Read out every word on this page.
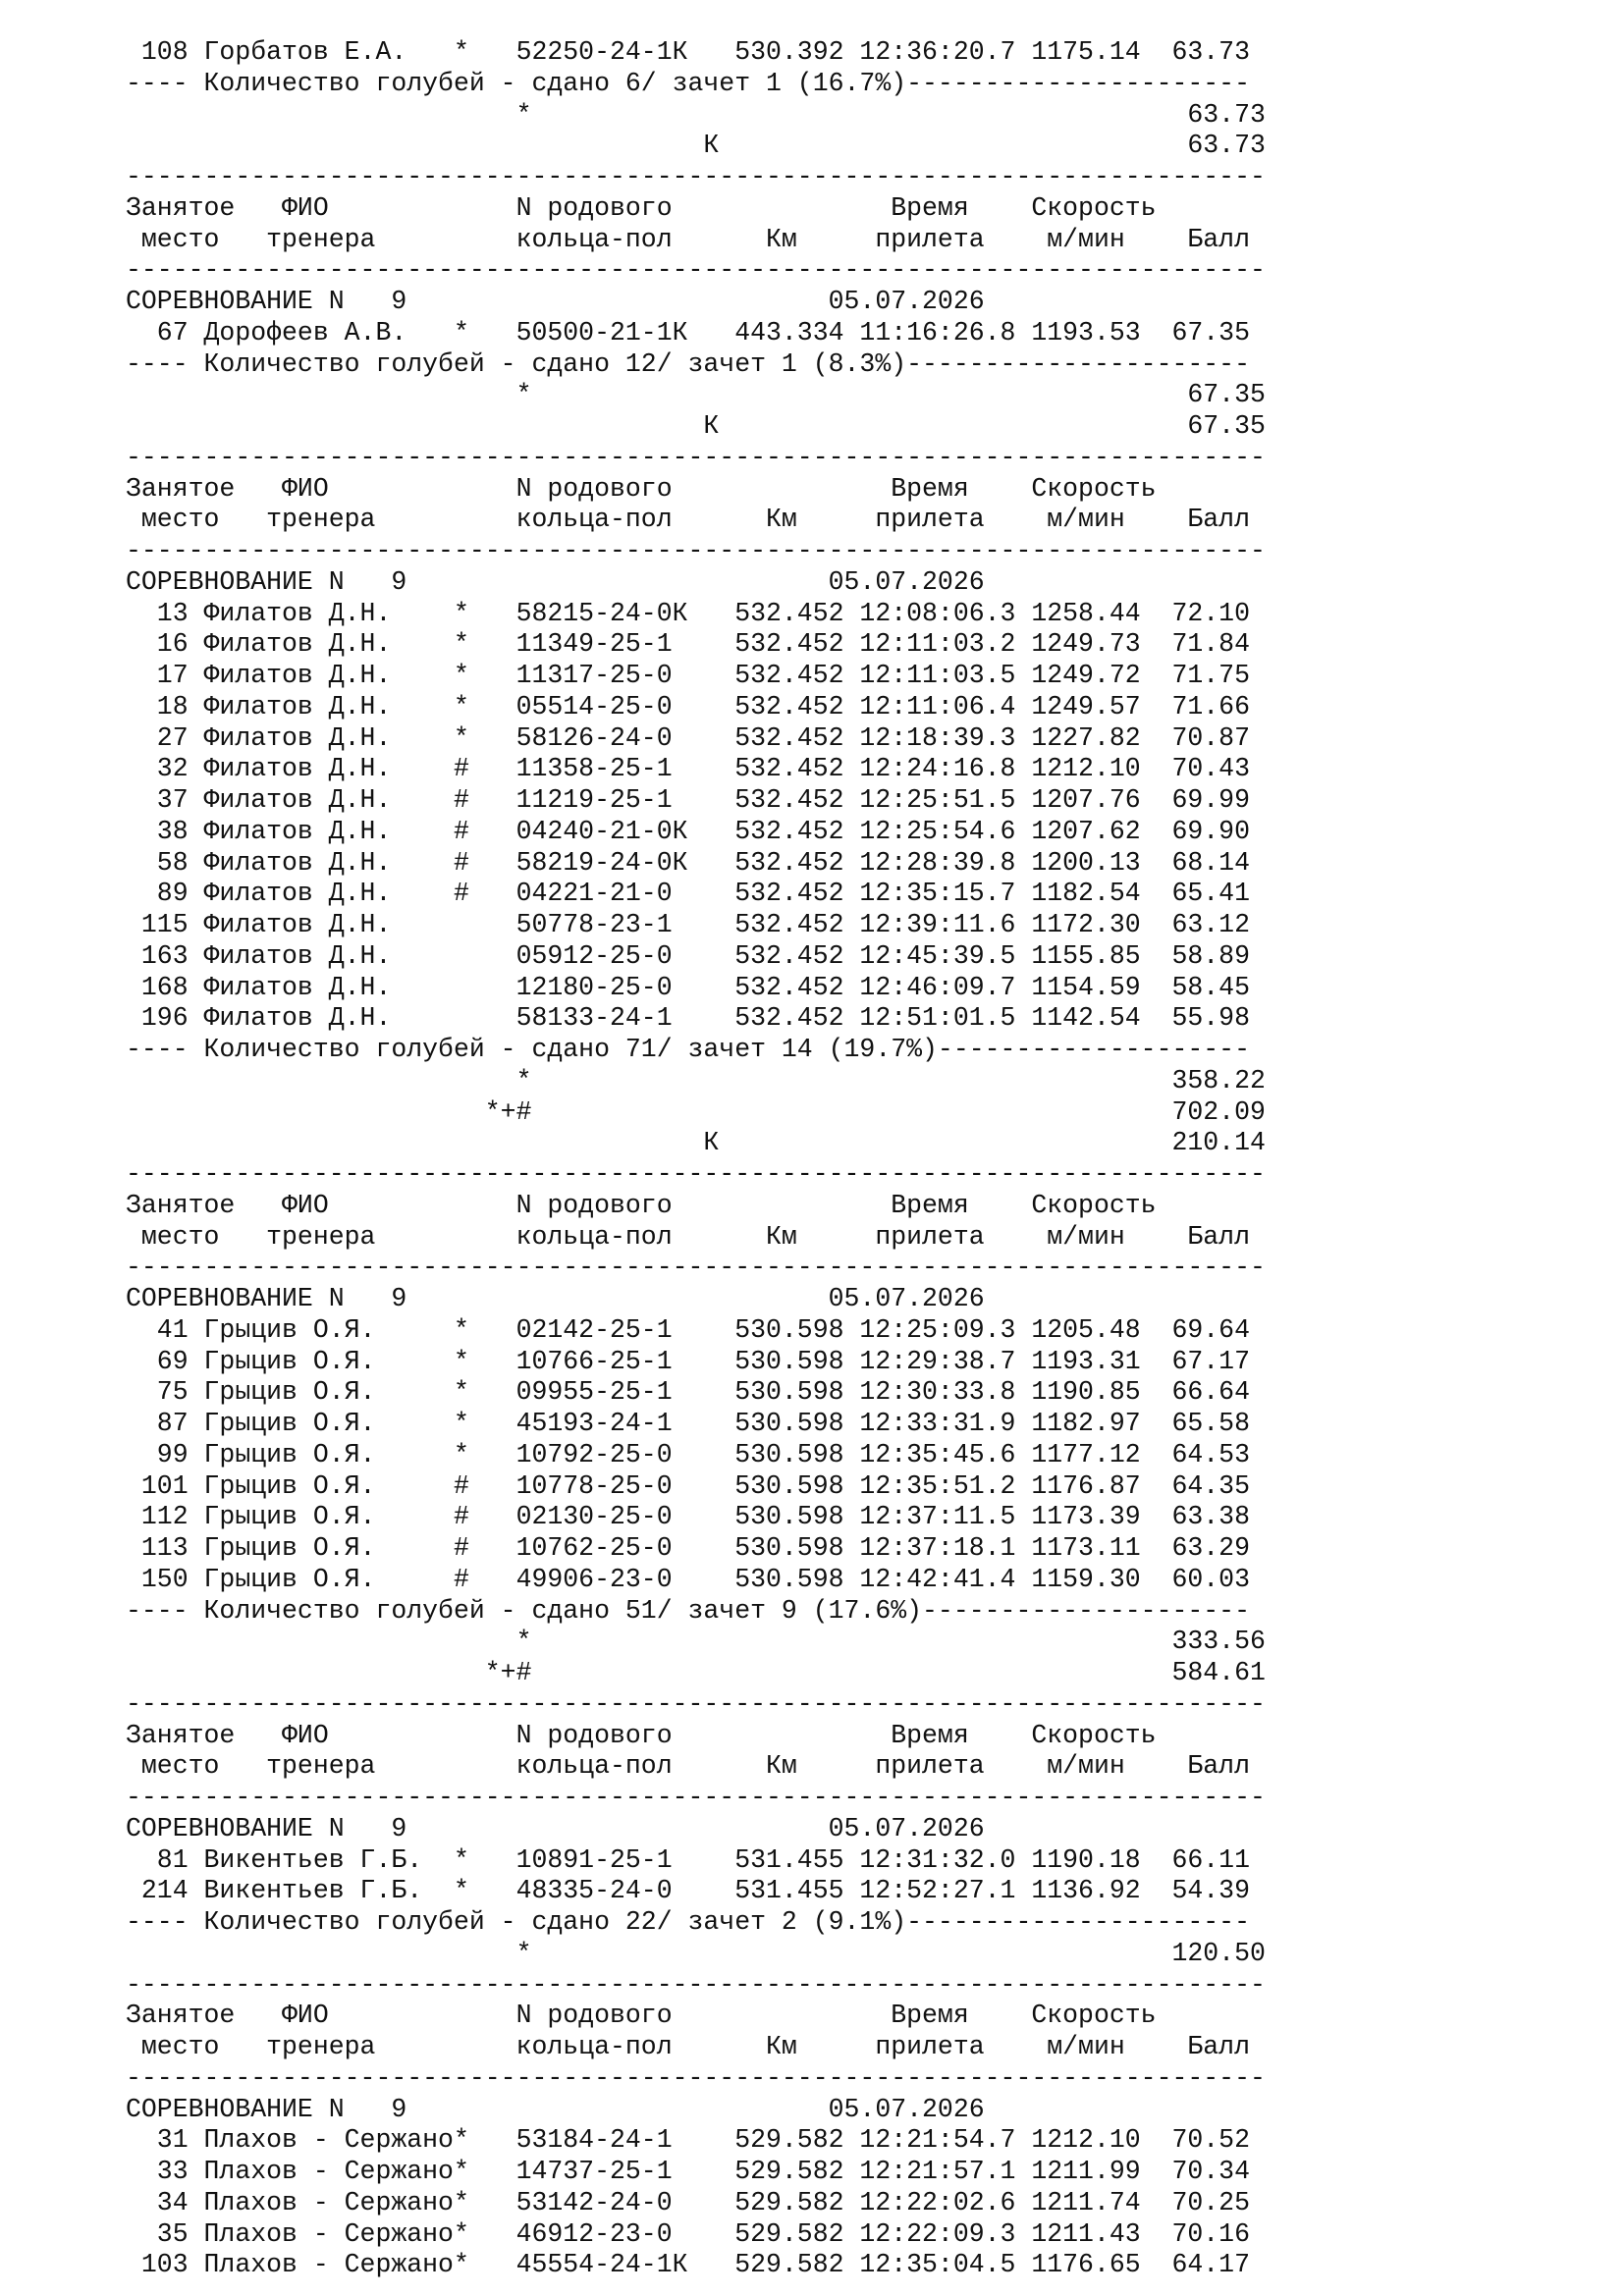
108 Горбатов Е.А.   *   52250-24-1К   530.392 12:36:20.7 1175.14  63.73
---- Количество голубей - сдано 6/ зачет 1 (16.7%)----------------------
*                                          63.73
К                              63.73
-------------------------------------------------------------------------
Занятое   ФИО            N родового              Время    Скорость
место   тренера         кольца-пол      Км     прилета    м/мин    Балл
-------------------------------------------------------------------------
СОРЕВНОВАНИЕ N   9                           05.07.2026
67 Дорофеев А.В.   *   50500-21-1К   443.334 11:16:26.8 1193.53  67.35
---- Количество голубей - сдано 12/ зачет 1 (8.3%)----------------------
*                                          67.35
К                              67.35
-------------------------------------------------------------------------
Занятое   ФИО            N родового              Время    Скорость
место   тренера         кольца-пол      Км     прилета    м/мин    Балл
-------------------------------------------------------------------------
СОРЕВНОВАНИЕ N   9                           05.07.2026
13 Филатов Д.Н.    *   58215-24-0К   532.452 12:08:06.3 1258.44  72.10
16 Филатов Д.Н.    *   11349-25-1    532.452 12:11:03.2 1249.73  71.84
17 Филатов Д.Н.    *   11317-25-0    532.452 12:11:03.5 1249.72  71.75
18 Филатов Д.Н.    *   05514-25-0    532.452 12:11:06.4 1249.57  71.66
27 Филатов Д.Н.    *   58126-24-0    532.452 12:18:39.3 1227.82  70.87
32 Филатов Д.Н.    #   11358-25-1    532.452 12:24:16.8 1212.10  70.43
37 Филатов Д.Н.    #   11219-25-1    532.452 12:25:51.5 1207.76  69.99
38 Филатов Д.Н.    #   04240-21-0К   532.452 12:25:54.6 1207.62  69.90
58 Филатов Д.Н.    #   58219-24-0К   532.452 12:28:39.8 1200.13  68.14
89 Филатов Д.Н.    #   04221-21-0    532.452 12:35:15.7 1182.54  65.41
115 Филатов Д.Н.        50778-23-1    532.452 12:39:11.6 1172.30  63.12
163 Филатов Д.Н.        05912-25-0    532.452 12:45:39.5 1155.85  58.89
168 Филатов Д.Н.        12180-25-0    532.452 12:46:09.7 1154.59  58.45
196 Филатов Д.Н.        58133-24-1    532.452 12:51:01.5 1142.54  55.98
---- Количество голубей - сдано 71/ зачет 14 (19.7%)--------------------
*                                         358.22
*+#                                         702.09
К                             210.14
-------------------------------------------------------------------------
Занятое   ФИО            N родового              Время    Скорость
место   тренера         кольца-пол      Км     прилета    м/мин    Балл
-------------------------------------------------------------------------
СОРЕВНОВАНИЕ N   9                           05.07.2026
41 Грыцив О.Я.     *   02142-25-1    530.598 12:25:09.3 1205.48  69.64
69 Грыцив О.Я.     *   10766-25-1    530.598 12:29:38.7 1193.31  67.17
75 Грыцив О.Я.     *   09955-25-1    530.598 12:30:33.8 1190.85  66.64
87 Грыцив О.Я.     *   45193-24-1    530.598 12:33:31.9 1182.97  65.58
99 Грыцив О.Я.     *   10792-25-0    530.598 12:35:45.6 1177.12  64.53
101 Грыцив О.Я.     #   10778-25-0    530.598 12:35:51.2 1176.87  64.35
112 Грыцив О.Я.     #   02130-25-0    530.598 12:37:11.5 1173.39  63.38
113 Грыцив О.Я.     #   10762-25-0    530.598 12:37:18.1 1173.11  63.29
150 Грыцив О.Я.     #   49906-23-0    530.598 12:42:41.4 1159.30  60.03
---- Количество голубей - сдано 51/ зачет 9 (17.6%)---------------------
*                                         333.56
*+#                                         584.61
-------------------------------------------------------------------------
Занятое   ФИО            N родового              Время    Скорость
место   тренера         кольца-пол      Км     прилета    м/мин    Балл
-------------------------------------------------------------------------
СОРЕВНОВАНИЕ N   9                           05.07.2026
81 Викентьев Г.Б.  *   10891-25-1    531.455 12:31:32.0 1190.18  66.11
214 Викентьев Г.Б.  *   48335-24-0    531.455 12:52:27.1 1136.92  54.39
---- Количество голубей - сдано 22/ зачет 2 (9.1%)----------------------
*                                         120.50
-------------------------------------------------------------------------
Занятое   ФИО            N родового              Время    Скорость
место   тренера         кольца-пол      Км     прилета    м/мин    Балл
-------------------------------------------------------------------------
СОРЕВНОВАНИЕ N   9                           05.07.2026
31 Плахов - Сержано*   53184-24-1    529.582 12:21:54.7 1212.10  70.52
33 Плахов - Сержано*   14737-25-1    529.582 12:21:57.1 1211.99  70.34
34 Плахов - Сержано*   53142-24-0    529.582 12:22:02.6 1211.74  70.25
35 Плахов - Сержано*   46912-23-0    529.582 12:22:09.3 1211.43  70.16
103 Плахов - Сержано*   45554-24-1К   529.582 12:35:04.5 1176.65  64.17
